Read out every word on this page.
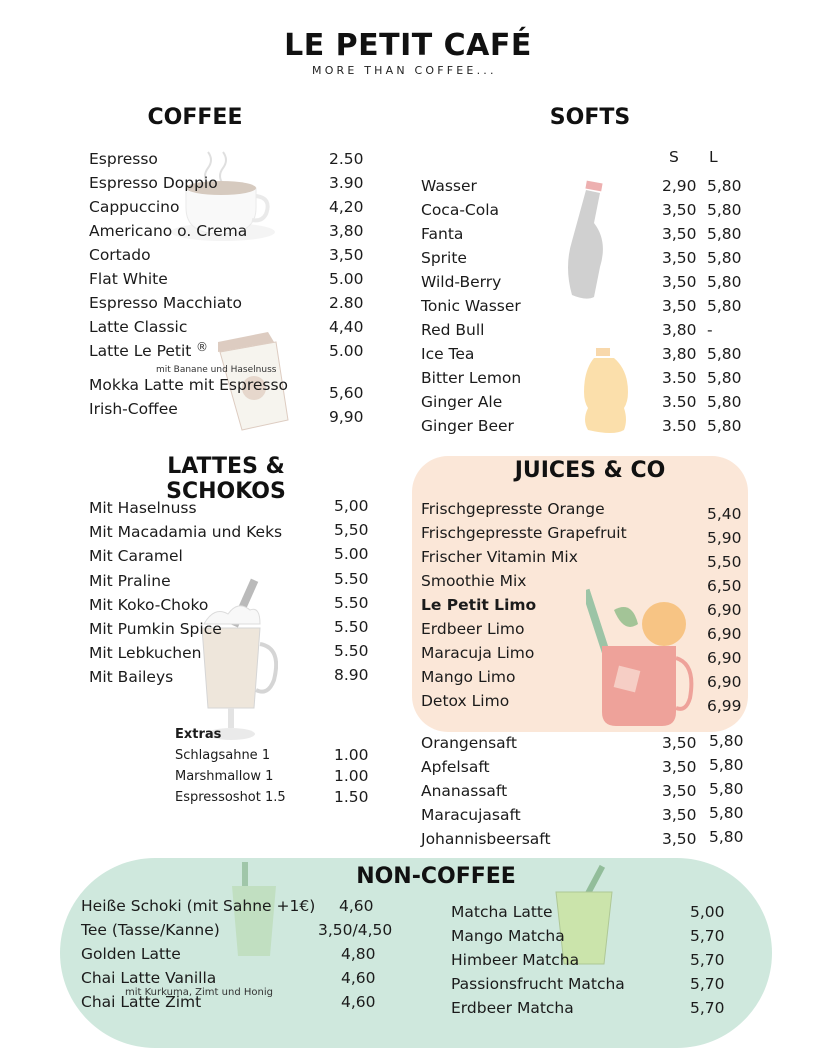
LE PETIT CAFÉ
MORE THAN COFFEE...
COFFEE
Espresso	2.50
Espresso Doppio	3.90
Cappuccino	4,20
Americano o. Crema	3,80
Cortado	3,50
Flat White	5.00
Espresso Macchiato	2.80
Latte Classic	4,40
Latte Le Petit	5.00
Mokka Latte mit Espresso	5,60
Irish-Coffee	9,90
®
mit Banane und Haselnuss
SOFTS
S L
Wasser	2,90 5,80
Coca-Cola	3,50 5,80
Fanta	3,50 5,80
Sprite	3,50 5,80
Wild-Berry	3,50 5,80
Tonic Wasser	3,50 5,80
Red Bull	3,80 -
Ice Tea	3,80 5,80
Bitter Lemon	3.50 5,80
Ginger Ale	3.50 5,80
Ginger Beer	3.50 5,80
LATTES & SCHOKOS
Mit Haselnuss	5,00
Mit Macadamia und Keks	5,50
Mit Caramel	5.00
Mit Praline	5.50
Mit Koko-Choko	5.50
Mit Pumkin Spice	5.50
Mit Lebkuchen	5.50
Mit Baileys	8.90
Extras
Schlagsahne 1	1.00
Marshmallow 1	1.00
Espressoshot 1.5	1.50
JUICES & CO
Frischgepresste Orange	5,40
Frischgepresste Grapefruit	5,90
Frischer Vitamin Mix	5,50
Smoothie Mix	6,50
Le Petit Limo	6,90
Erdbeer Limo	6,90
Maracuja Limo	6,90
Mango Limo	6,90
Detox Limo	6,99
Orangensaft	3,50 5,80
Apfelsaft	3,50 5,80
Ananassaft	3,50 5,80
Maracujasaft	3,50 5,80
Johannisbeersaft	3,50 5,80
NON-COFFEE
Heiße Schoki (mit Sahne +1€) 4,60
Tee (Tasse/Kanne)	3,50/4,50
Golden Latte	4,80
Chai Latte Vanilla	4,60
Chai Latte Zimt	4,60
mit Kurkuma, Zimt und Honig
Matcha Latte	5,00
Mango Matcha	5,70
Himbeer Matcha	5,70
Passionsfrucht Matcha	5,70
Erdbeer Matcha	5,70
